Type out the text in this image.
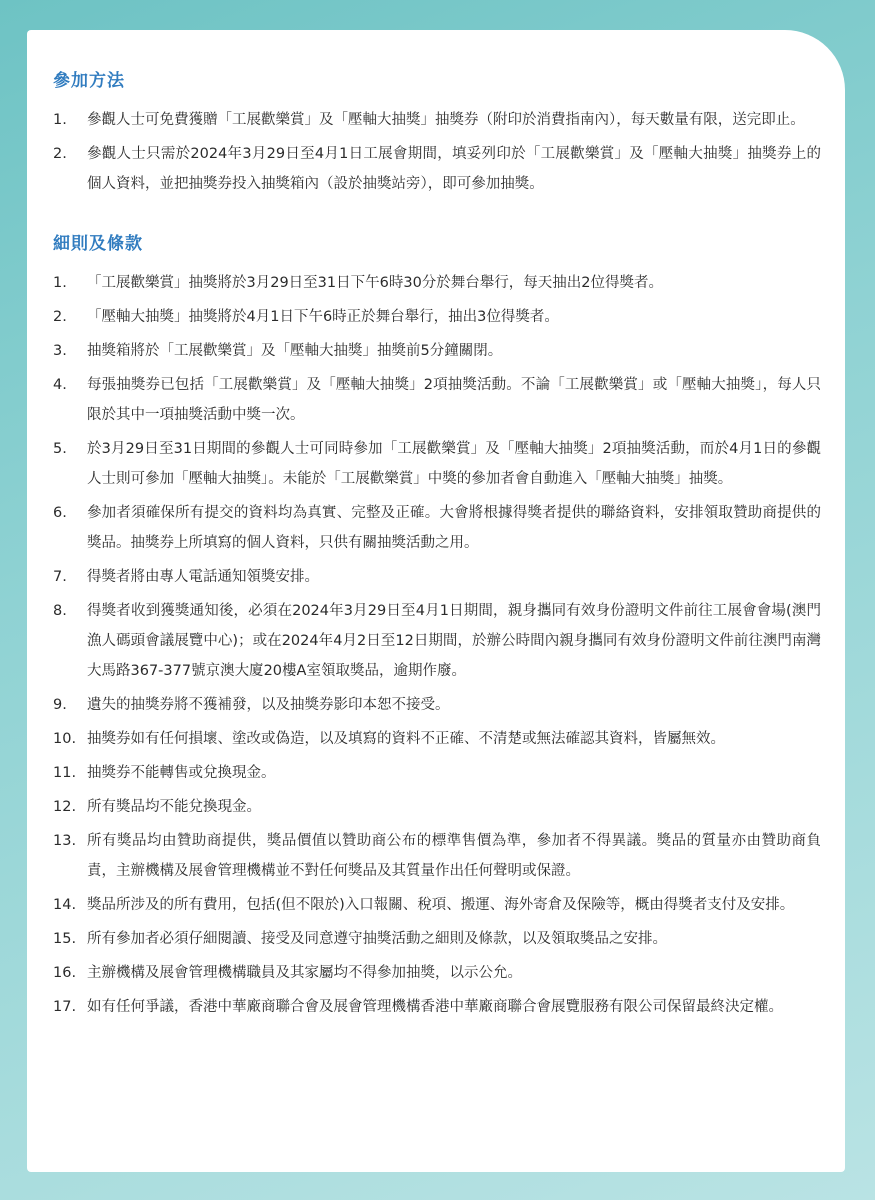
參加方法
1.	參觀人士可免費獲贈「工展歡樂賞」及「壓軸大抽獎」抽獎券（附印於消費指南內），每天數量有限，送完即止。
2.	參觀人士只需於2024年3月29日至4月1日工展會期間，填妥列印於「工展歡樂賞」及「壓軸大抽獎」抽獎券上的個人資料，並把抽獎券投入抽獎箱內（設於抽獎站旁），即可參加抽獎。
細則及條款
1.	「工展歡樂賞」抽獎將於3月29日至31日下午6時30分於舞台舉行，每天抽出2位得獎者。
2.	「壓軸大抽獎」抽獎將於4月1日下午6時正於舞台舉行，抽出3位得獎者。
3.	抽獎箱將於「工展歡樂賞」及「壓軸大抽獎」抽獎前5分鐘關閉。
4.	每張抽獎券已包括「工展歡樂賞」及「壓軸大抽獎」2項抽獎活動。不論「工展歡樂賞」或「壓軸大抽獎」，每人只限於其中一項抽獎活動中獎一次。
5.	於3月29日至31日期間的參觀人士可同時參加「工展歡樂賞」及「壓軸大抽獎」2項抽獎活動，而於4月1日的參觀人士則可參加「壓軸大抽獎」。未能於「工展歡樂賞」中獎的參加者會自動進入「壓軸大抽獎」抽獎。
6.	參加者須確保所有提交的資料均為真實、完整及正確。大會將根據得獎者提供的聯絡資料，安排領取贊助商提供的獎品。抽獎券上所填寫的個人資料，只供有關抽獎活動之用。
7.	得獎者將由專人電話通知領獎安排。
8.	得獎者收到獲獎通知後，必須在2024年3月29日至4月1日期間，親身攜同有效身份證明文件前往工展會會場(澳門漁人碼頭會議展覽中心)；或在2024年4月2日至12日期間，於辦公時間內親身攜同有效身份證明文件前往澳門南灣大馬路367-377號京澳大廈20樓A室領取獎品，逾期作廢。
9.	遺失的抽獎券將不獲補發，以及抽獎券影印本恕不接受。
10. 抽獎券如有任何損壞、塗改或偽造，以及填寫的資料不正確、不清楚或無法確認其資料，皆屬無效。
11. 抽獎券不能轉售或兌換現金。
12. 所有獎品均不能兌換現金。
13. 所有獎品均由贊助商提供，獎品價值以贊助商公布的標準售價為準，參加者不得異議。獎品的質量亦由贊助商負責，主辦機構及展會管理機構並不對任何獎品及其質量作出任何聲明或保證。
14. 獎品所涉及的所有費用，包括(但不限於)入口報關、稅項、搬運、海外寄倉及保險等，概由得獎者支付及安排。
15. 所有參加者必須仔細閱讀、接受及同意遵守抽獎活動之細則及條款，以及領取獎品之安排。
16. 主辦機構及展會管理機構職員及其家屬均不得參加抽獎，以示公允。
17. 如有任何爭議，香港中華廠商聯合會及展會管理機構香港中華廠商聯合會展覽服務有限公司保留最終決定權。
